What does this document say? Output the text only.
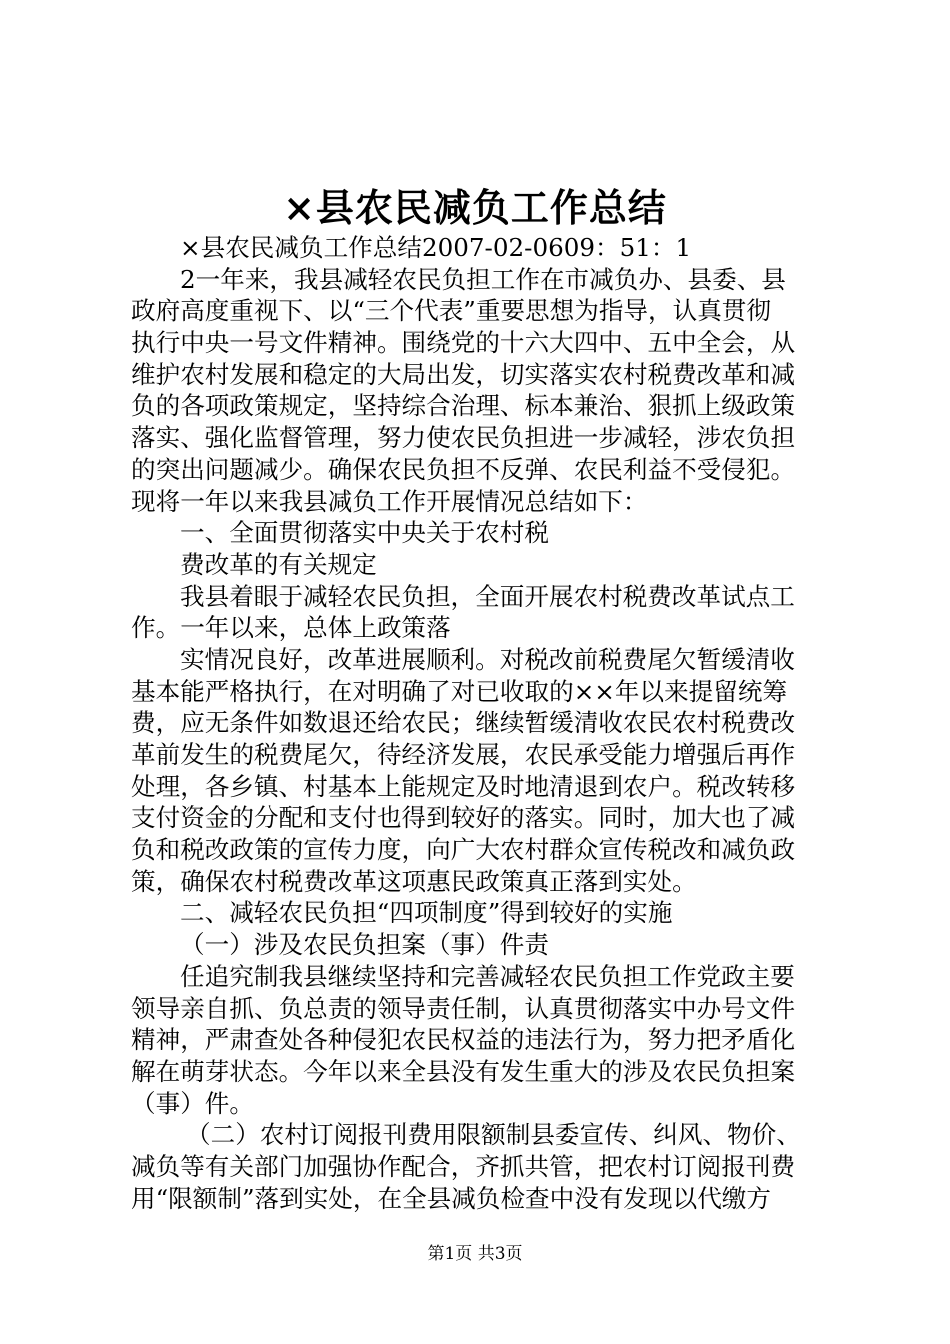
×县农民减负工作总结
×县农民减负工作总结2007-02-0609：51：1
2一年来，我县减轻农民负担工作在市减负办、县委、县
政府高度重视下、以“三个代表”重要思想为指导，认真贯彻
执行中央一号文件精神。围绕党的十六大四中、五中全会，从
维护农村发展和稳定的大局出发，切实落实农村税费改革和减
负的各项政策规定，坚持综合治理、标本兼治、狠抓上级政策
落实、强化监督管理，努力使农民负担进一步减轻，涉农负担
的突出问题减少。确保农民负担不反弹、农民利益不受侵犯。
现将一年以来我县减负工作开展情况总结如下：
一、全面贯彻落实中央关于农村税
费改革的有关规定
我县着眼于减轻农民负担，全面开展农村税费改革试点工
作。一年以来，总体上政策落
实情况良好，改革进展顺利。对税改前税费尾欠暂缓清收
基本能严格执行，在对明确了对已收取的××年以来提留统筹
费，应无条件如数退还给农民；继续暂缓清收农民农村税费改
革前发生的税费尾欠，待经济发展，农民承受能力增强后再作
处理，各乡镇、村基本上能规定及时地清退到农户。税改转移
支付资金的分配和支付也得到较好的落实。同时，加大也了减
负和税改政策的宣传力度，向广大农村群众宣传税改和减负政
策，确保农村税费改革这项惠民政策真正落到实处。
二、减轻农民负担“四项制度”得到较好的实施
（一）涉及农民负担案（事）件责
任追究制我县继续坚持和完善减轻农民负担工作党政主要
领导亲自抓、负总责的领导责任制，认真贯彻落实中办号文件
精神，严肃查处各种侵犯农民权益的违法行为，努力把矛盾化
解在萌芽状态。今年以来全县没有发生重大的涉及农民负担案
（事）件。
（二）农村订阅报刊费用限额制县委宣传、纠风、物价、
减负等有关部门加强协作配合，齐抓共管，把农村订阅报刊费
用“限额制”落到实处，在全县减负检查中没有发现以代缴方
第1页 共3页
